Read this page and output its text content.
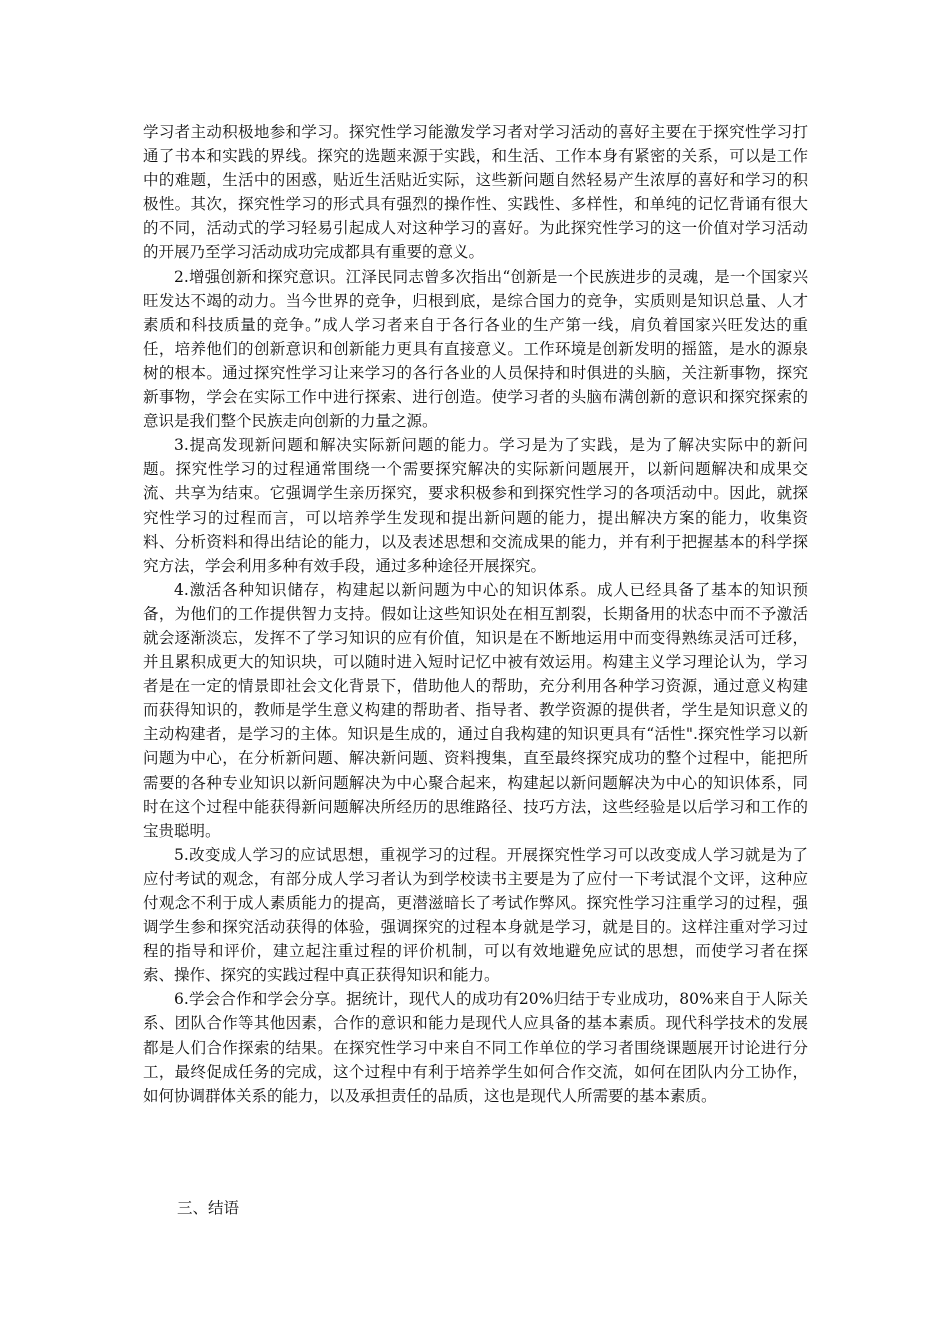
学习者主动积极地参和学习。探究性学习能激发学习者对学习活动的喜好主要在于探究性学习打通了书本和实践的界线。探究的选题来源于实践，和生活、工作本身有紧密的关系，可以是工作中的难题，生活中的困惑，贴近生活贴近实际，这些新问题自然轻易产生浓厚的喜好和学习的积极性。其次，探究性学习的形式具有强烈的操作性、实践性、多样性，和单纯的记忆背诵有很大的不同，活动式的学习轻易引起成人对这种学习的喜好。为此探究性学习的这一价值对学习活动的开展乃至学习活动成功完成都具有重要的意义。

2.增强创新和探究意识。江泽民同志曾多次指出“创新是一个民族进步的灵魂，是一个国家兴旺发达不竭的动力。当今世界的竞争，归根到底，是综合国力的竞争，实质则是知识总量、人才素质和科技质量的竞争。”成人学习者来自于各行各业的生产第一线，肩负着国家兴旺发达的重任，培养他们的创新意识和创新能力更具有直接意义。工作环境是创新发明的摇篮，是水的源泉树的根本。通过探究性学习让来学习的各行各业的人员保持和时俱进的头脑，关注新事物，探究新事物，学会在实际工作中进行探索、进行创造。使学习者的头脑布满创新的意识和探究探索的意识是我们整个民族走向创新的力量之源。

3.提高发现新问题和解决实际新问题的能力。学习是为了实践，是为了解决实际中的新问题。探究性学习的过程通常围绕一个需要探究解决的实际新问题展开，以新问题解决和成果交流、共享为结束。它强调学生亲历探究，要求积极参和到探究性学习的各项活动中。因此，就探究性学习的过程而言，可以培养学生发现和提出新问题的能力，提出解决方案的能力，收集资料、分析资料和得出结论的能力，以及表述思想和交流成果的能力，并有利于把握基本的科学探究方法，学会利用多种有效手段，通过多种途径开展探究。

4.激活各种知识储存，构建起以新问题为中心的知识体系。成人已经具备了基本的知识预备，为他们的工作提供智力支持。假如让这些知识处在相互割裂，长期备用的状态中而不予激活就会逐渐淡忘，发挥不了学习知识的应有价值，知识是在不断地运用中而变得熟练灵活可迁移，并且累积成更大的知识块，可以随时进入短时记忆中被有效运用。构建主义学习理论认为，学习者是在一定的情景即社会文化背景下，借助他人的帮助，充分利用各种学习资源，通过意义构建而获得知识的，教师是学生意义构建的帮助者、指导者、教学资源的提供者，学生是知识意义的主动构建者，是学习的主体。知识是生成的，通过自我构建的知识更具有“活性".探究性学习以新问题为中心，在分析新问题、解决新问题、资料搜集，直至最终探究成功的整个过程中，能把所需要的各种专业知识以新问题解决为中心聚合起来，构建起以新问题解决为中心的知识体系，同时在这个过程中能获得新问题解决所经历的思维路径、技巧方法，这些经验是以后学习和工作的宝贵聪明。

5.改变成人学习的应试思想，重视学习的过程。开展探究性学习可以改变成人学习就是为了应付考试的观念，有部分成人学习者认为到学校读书主要是为了应付一下考试混个文评，这种应付观念不利于成人素质能力的提高，更潜滋暗长了考试作弊风。探究性学习注重学习的过程，强调学生参和探究活动获得的体验，强调探究的过程本身就是学习，就是目的。这样注重对学习过程的指导和评价，建立起注重过程的评价机制，可以有效地避免应试的思想，而使学习者在探索、操作、探究的实践过程中真正获得知识和能力。

6.学会合作和学会分享。据统计，现代人的成功有20%归结于专业成功，80%来自于人际关系、团队合作等其他因素，合作的意识和能力是现代人应具备的基本素质。现代科学技术的发展都是人们合作探索的结果。在探究性学习中来自不同工作单位的学习者围绕课题展开讨论进行分工，最终促成任务的完成，这个过程中有利于培养学生如何合作交流，如何在团队内分工协作，如何协调群体关系的能力，以及承担责任的品质，这也是现代人所需要的基本素质。

三、结语
